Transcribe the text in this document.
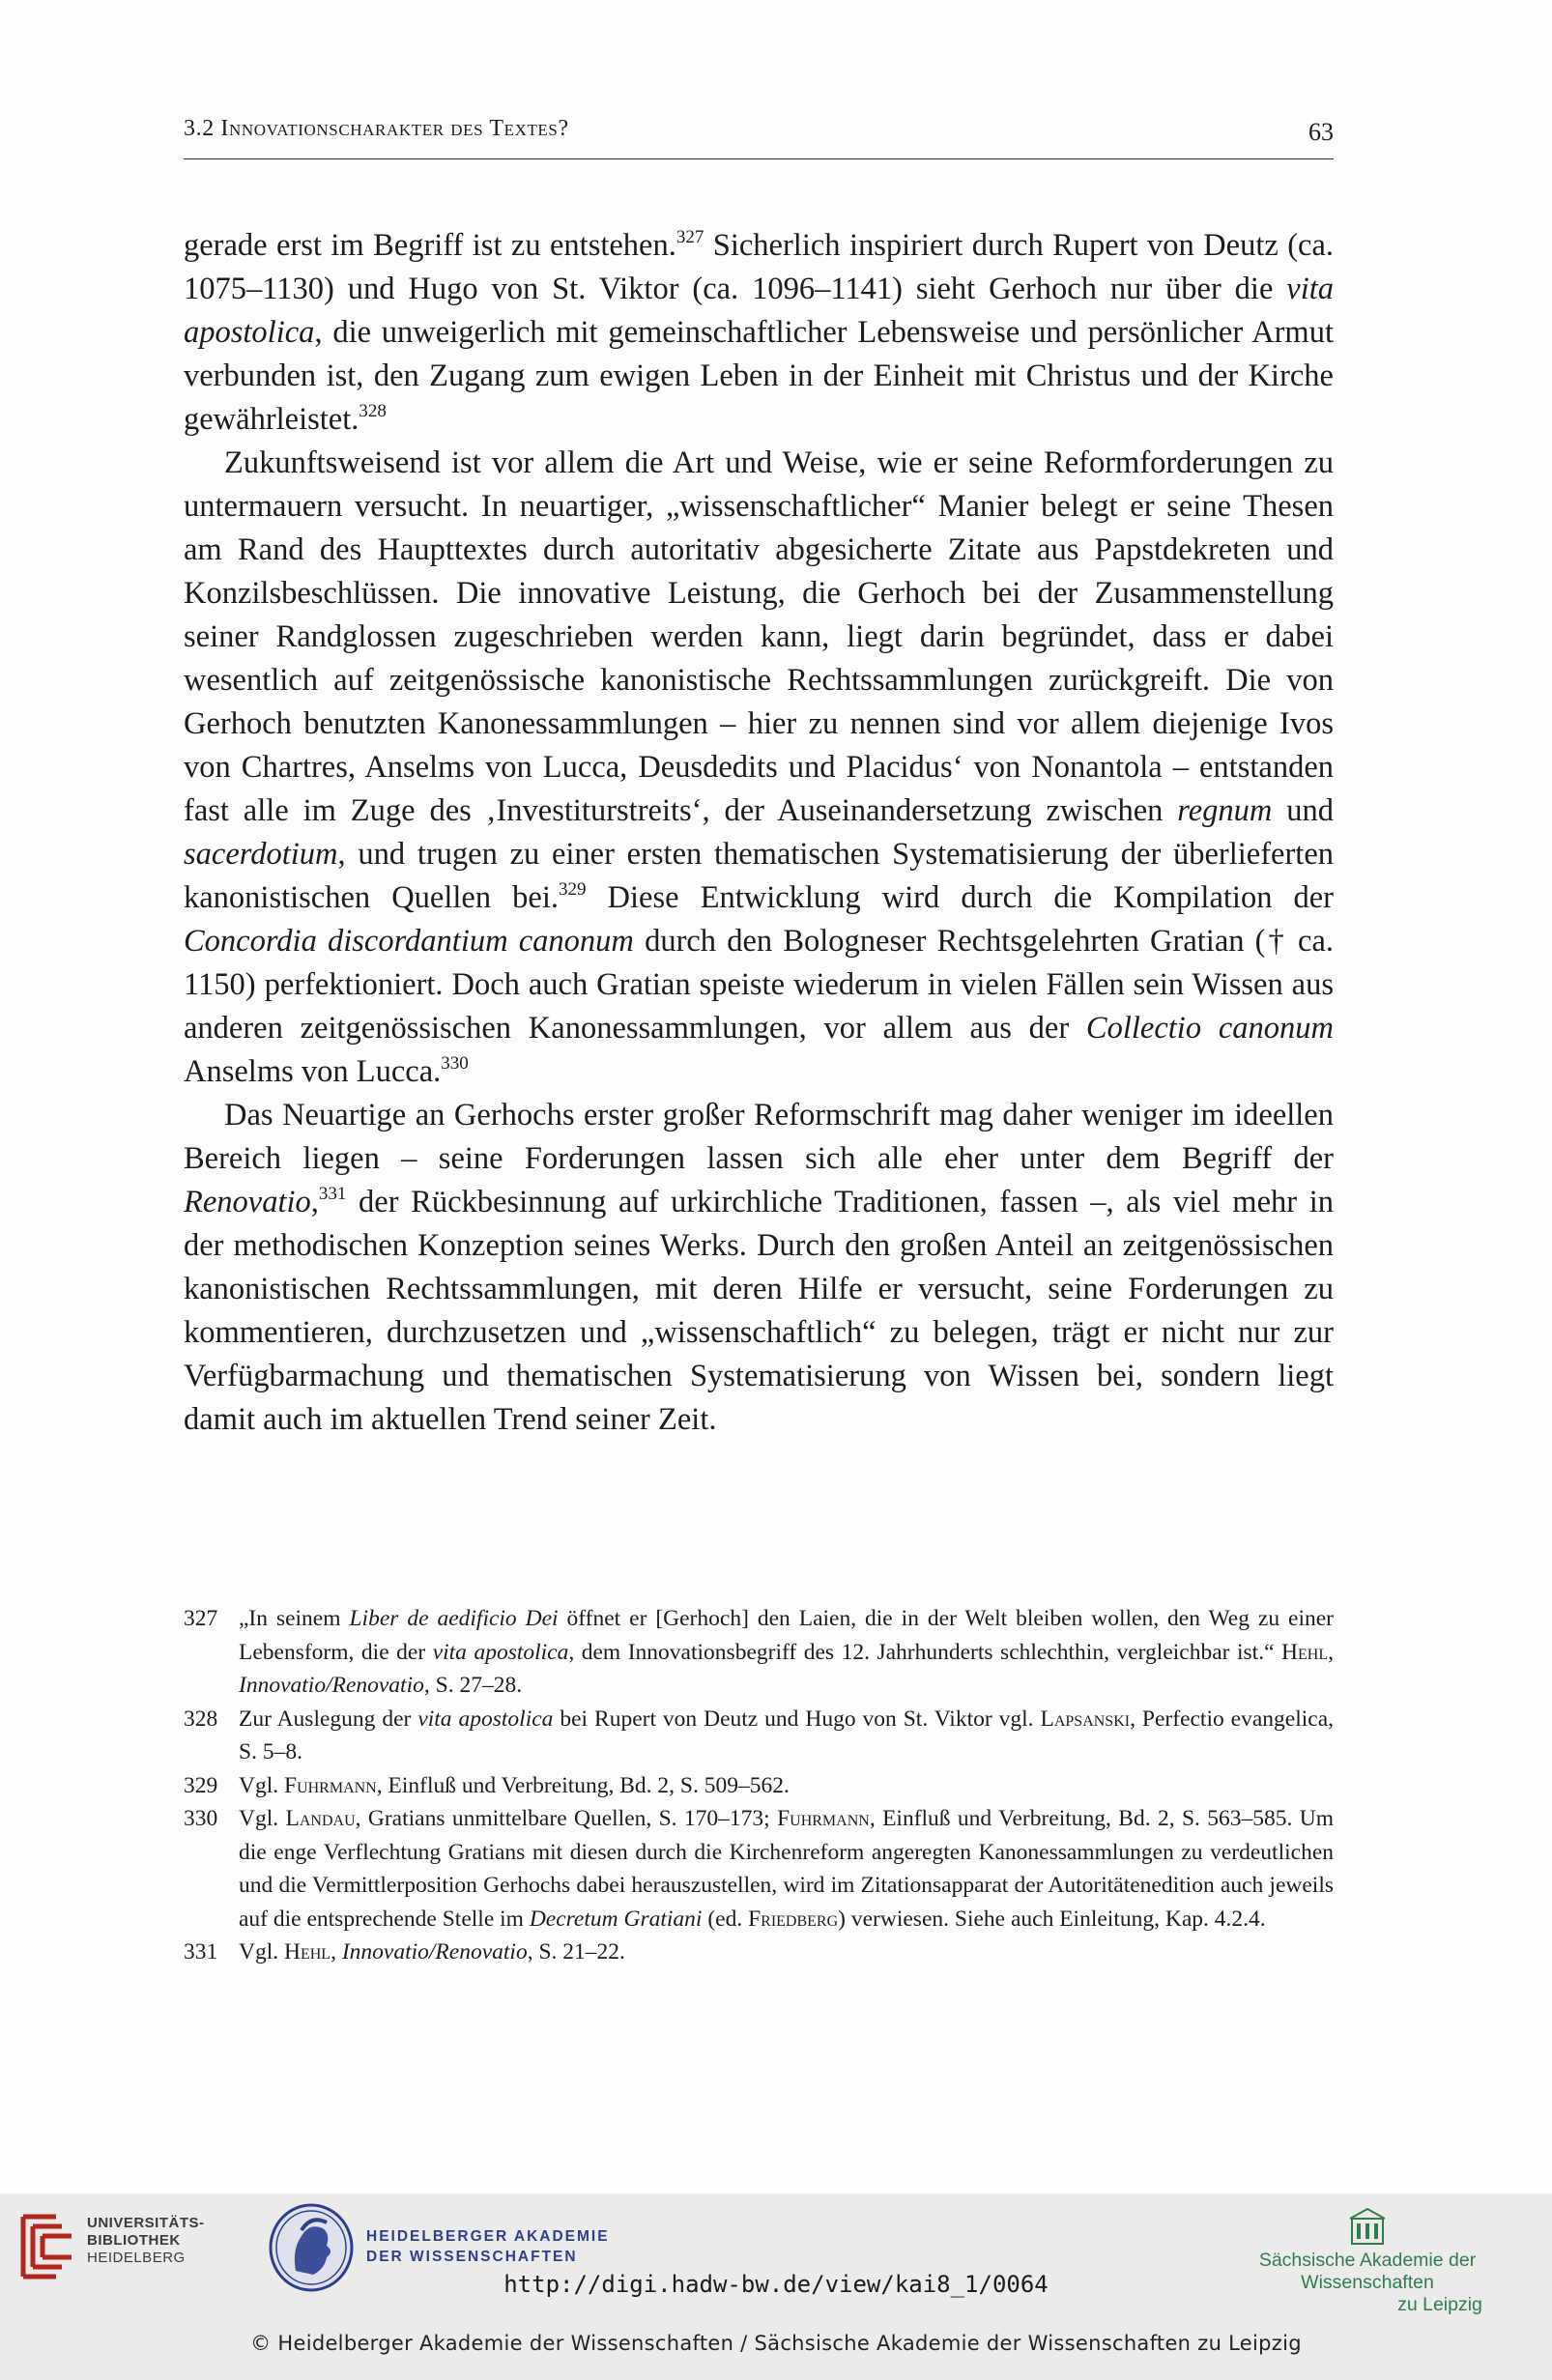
3.2 Innovationscharakter des Textes?	63

gerade erst im Begriff ist zu entstehen.$^{327}$ Sicherlich inspiriert durch Rupert von Deutz (ca. 1075–1130) und Hugo von St. Viktor (ca. 1096–1141) sieht Gerhoch nur über die vita apostolica, die unweigerlich mit gemeinschaftlicher Lebensweise und persönlicher Armut verbunden ist, den Zugang zum ewigen Leben in der Einheit mit Christus und der Kirche gewährleistet.$^{328}$

Zukunftsweisend ist vor allem die Art und Weise, wie er seine Reformforderungen zu untermauern versucht. In neuartiger, „wissenschaftlicher“ Manier belegt er seine Thesen am Rand des Haupttextes durch autoritativ abgesicherte Zitate aus Papstdekreten und Konzilsbeschlüssen. Die innovative Leistung, die Gerhoch bei der Zusammenstellung seiner Randglossen zugeschrieben werden kann, liegt darin begründet, dass er dabei wesentlich auf zeitgenössische kanonistische Rechtssammlungen zurückgreift. Die von Gerhoch benutzten Kanonessammlungen – hier zu nennen sind vor allem diejenige Ivos von Chartres, Anselms von Lucca, Deusdedits und Placidus‘ von Nonantola – entstanden fast alle im Zuge des ‚Investiturstreits‘, der Auseinandersetzung zwischen regnum und sacerdotium, und trugen zu einer ersten thematischen Systematisierung der überlieferten kanonistischen Quellen bei.$^{329}$ Diese Entwicklung wird durch die Kompilation der Concordia discordantium canonum durch den Bologneser Rechtsgelehrten Gratian († ca. 1150) perfektioniert. Doch auch Gratian speiste wiederum in vielen Fällen sein Wissen aus anderen zeitgenössischen Kanonessammlungen, vor allem aus der Collectio canonum Anselms von Lucca.$^{330}$

Das Neuartige an Gerhochs erster großer Reformschrift mag daher weniger im ideellen Bereich liegen – seine Forderungen lassen sich alle eher unter dem Begriff der Renovatio,$^{331}$ der Rückbesinnung auf urkirchliche Traditionen, fassen –, als viel mehr in der methodischen Konzeption seines Werks. Durch den großen Anteil an zeitgenössischen kanonistischen Rechtssammlungen, mit deren Hilfe er versucht, seine Forderungen zu kommentieren, durchzusetzen und „wissenschaftlich“ zu belegen, trägt er nicht nur zur Verfügbarmachung und thematischen Systematisierung von Wissen bei, sondern liegt damit auch im aktuellen Trend seiner Zeit.

327 „In seinem Liber de aedificio Dei öffnet er [Gerhoch] den Laien, die in der Welt bleiben wollen, den Weg zu einer Lebensform, die der vita apostolica, dem Innovationsbegriff des 12. Jahrhunderts schlechthin, vergleichbar ist.“ Hehl, Innovatio/Renovatio, S. 27–28.
328 Zur Auslegung der vita apostolica bei Rupert von Deutz und Hugo von St. Viktor vgl. Lapsanski, Perfectio evangelica, S. 5–8.
329 Vgl. Fuhrmann, Einfluß und Verbreitung, Bd. 2, S. 509–562.
330 Vgl. Landau, Gratians unmittelbare Quellen, S. 170–173; Fuhrmann, Einfluß und Verbreitung, Bd. 2, S. 563–585. Um die enge Verflechtung Gratians mit diesen durch die Kirchenreform angeregten Kanonessammlungen zu verdeutlichen und die Vermittlerposition Gerhochs dabei herauszustellen, wird im Zitationsapparat der Autoritätenedition auch jeweils auf die entsprechende Stelle im Decretum Gratiani (ed. Friedberg) verwiesen. Siehe auch Einleitung, Kap. 4.2.4.
331 Vgl. Hehl, Innovatio/Renovatio, S. 21–22.
UNIVERSITÄTS-
BIBLIOTHEK
HEIDELBERG
HEIDELBERGER AKADEMIE
DER WISSENSCHAFTEN	Sächsische Akademie der Wissenschaften
zu Leipzig
http://digi.hadw-bw.de/view/kai8_1/0064
© Heidelberger Akademie der Wissenschaften / Sächsische Akademie der Wissenschaften zu Leipzig
